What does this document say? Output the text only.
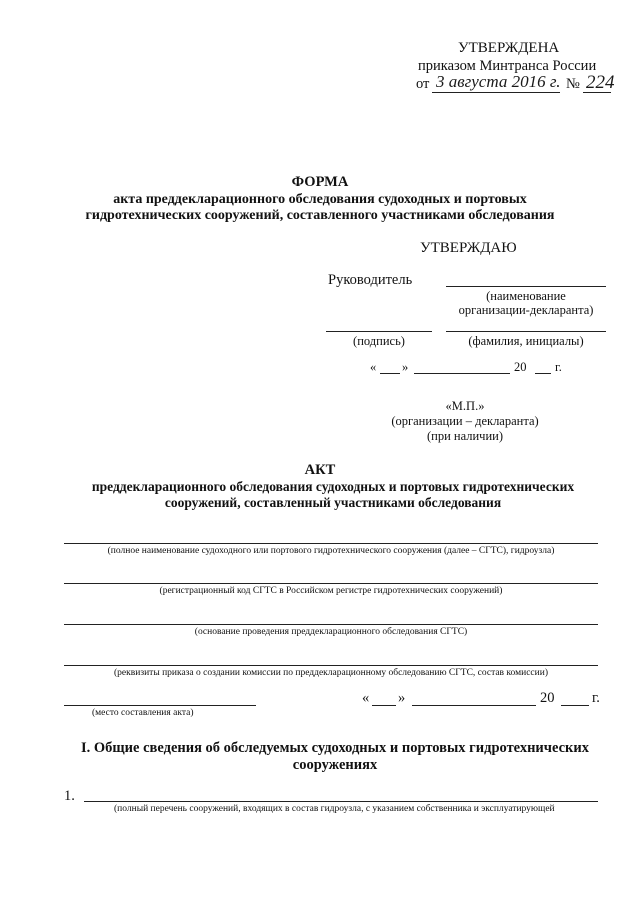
УТВЕРЖДЕНА
приказом Минтранса России
от 3 августа 2016 г. № 224
ФОРМА
акта преддекларационного обследования судоходных и портовых
гидротехнических сооружений, составленного участниками обследования
УТВЕРЖДАЮ
Руководитель
(наименование
организации-декларанта)
(подпись)	(фамилия, инициалы)
« »	20 г.
«М.П.»
(организации – декларанта)
(при наличии)
АКТ
преддекларационного обследования судоходных и портовых гидротехнических
сооружений, составленный участниками обследования
(полное наименование судоходного или портового гидротехнического сооружения (далее – СГТС), гидроузла)
(регистрационный код СГТС в Российском регистре гидротехнических сооружений)
(основание проведения преддекларационного обследования СГТС)
(реквизиты приказа о создании комиссии по преддекларационному обследованию СГТС, состав комиссии)
(место составления акта)
« »	20	г.
I. Общие сведения об обследуемых судоходных и портовых гидротехнических
сооружениях
1.
(полный перечень сооружений, входящих в состав гидроузла, с указанием собственника и эксплуатирующей
